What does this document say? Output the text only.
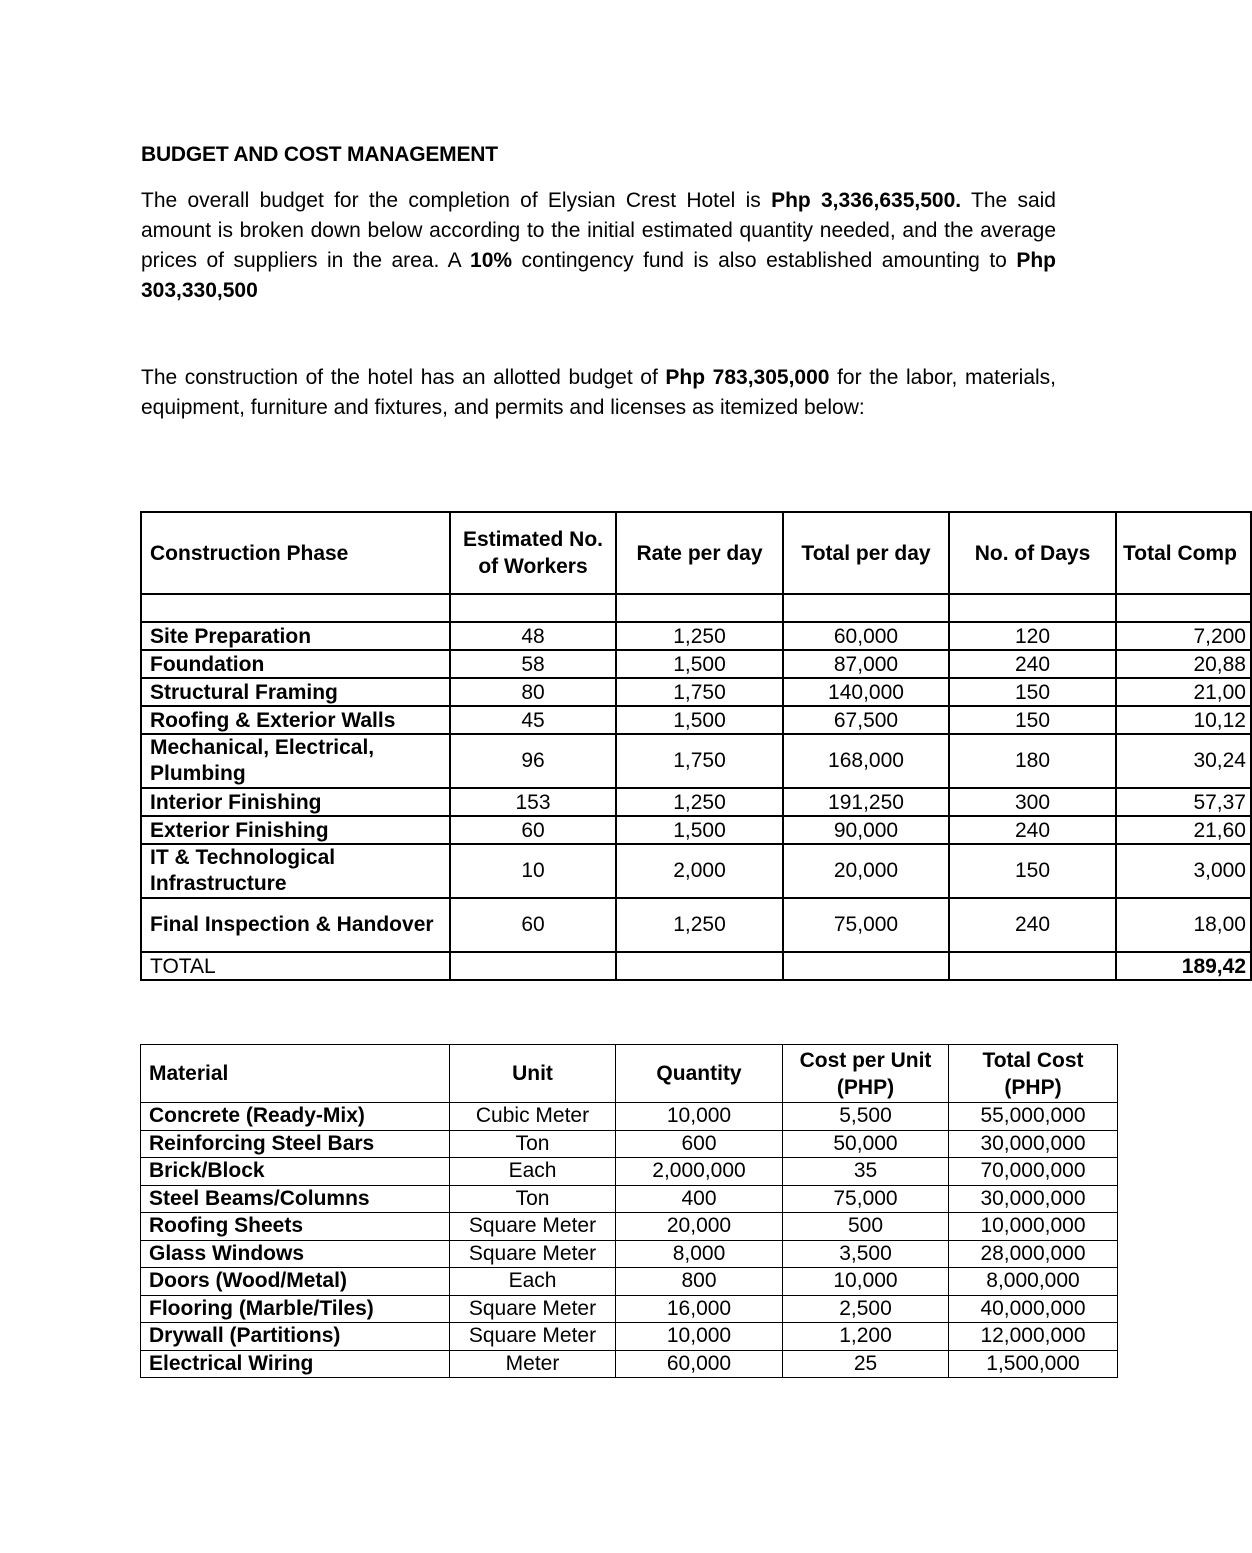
BUDGET AND COST MANAGEMENT
The overall budget for the completion of Elysian Crest Hotel is Php 3,336,635,500. The said amount is broken down below according to the initial estimated quantity needed, and the average prices of suppliers in the area. A 10% contingency fund is also established amounting to Php 303,330,500
The construction of the hotel has an allotted budget of Php 783,305,000 for the labor, materials, equipment, furniture and fixtures, and permits and licenses as itemized below:
Construction Phase	Estimated No. of Workers	Rate per day	Total per day	No. of Days	Total Comp

Site Preparation	48	1,250	60,000	120	7,200
Foundation	58	1,500	87,000	240	20,88
Structural Framing	80	1,750	140,000	150	21,00
Roofing & Exterior Walls	45	1,500	67,500	150	10,12
Mechanical, Electrical, Plumbing	96	1,750	168,000	180	30,24
Interior Finishing	153	1,250	191,250	300	57,37
Exterior Finishing	60	1,500	90,000	240	21,60
IT & Technological Infrastructure	10	2,000	20,000	150	3,000
Final Inspection & Handover	60	1,250	75,000	240	18,00
TOTAL					189,42
Material	Unit	Quantity	Cost per Unit (PHP)	Total Cost (PHP)
Concrete (Ready-Mix)	Cubic Meter	10,000	5,500	55,000,000
Reinforcing Steel Bars	Ton	600	50,000	30,000,000
Brick/Block	Each	2,000,000	35	70,000,000
Steel Beams/Columns	Ton	400	75,000	30,000,000
Roofing Sheets	Square Meter	20,000	500	10,000,000
Glass Windows	Square Meter	8,000	3,500	28,000,000
Doors (Wood/Metal)	Each	800	10,000	8,000,000
Flooring (Marble/Tiles)	Square Meter	16,000	2,500	40,000,000
Drywall (Partitions)	Square Meter	10,000	1,200	12,000,000
Electrical Wiring	Meter	60,000	25	1,500,000
